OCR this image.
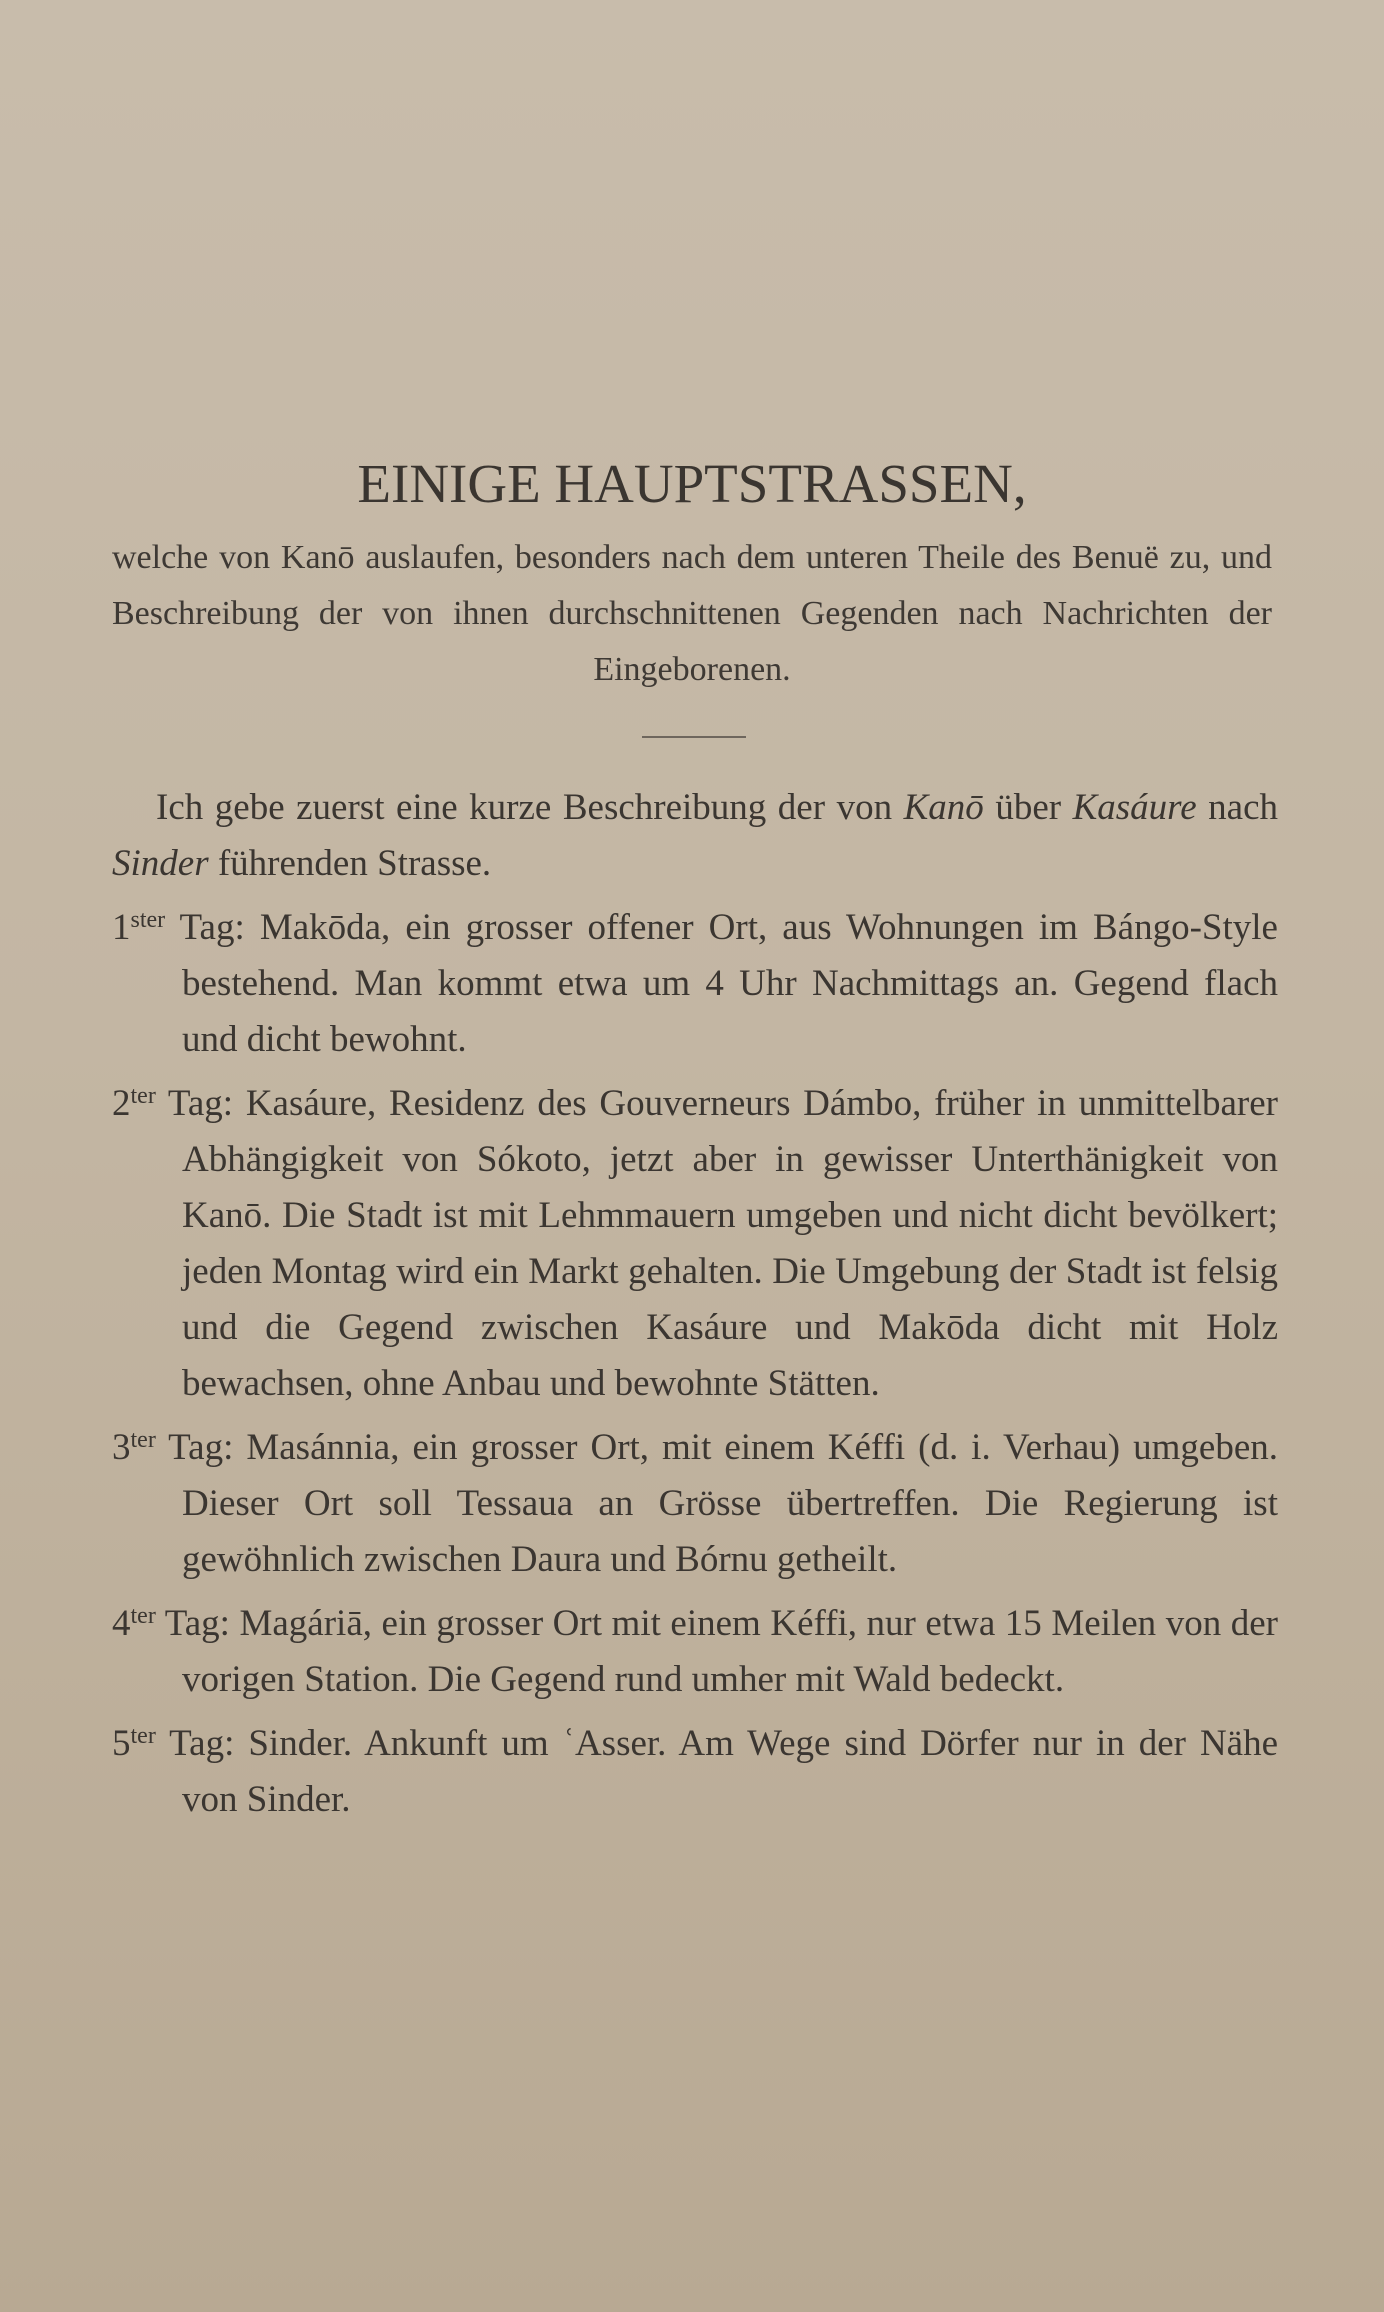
EINIGE HAUPTSTRASSEN,
welche von Kanō auslaufen, besonders nach dem unteren Theile des Benuë zu, und Beschreibung der von ihnen durchschnittenen Gegenden nach Nachrichten der Eingeborenen.
Ich gebe zuerst eine kurze Beschreibung der von Kanō über Kasáure nach Sinder führenden Strasse.

$1^{ster}$ Tag: Makōda, ein grosser offener Ort, aus Wohnungen im Bángo-Style bestehend. Man kommt etwa um 4 Uhr Nachmittags an. Gegend flach und dicht bewohnt.

$2^{ter}$ Tag: Kasáure, Residenz des Gouverneurs Dámbo, früher in unmittelbarer Abhängigkeit von Sókoto, jetzt aber in gewisser Unterthänigkeit von Kanō. Die Stadt ist mit Lehmmauern umgeben und nicht dicht bevölkert; jeden Montag wird ein Markt gehalten. Die Umgebung der Stadt ist felsig und die Gegend zwischen Kasáure und Makōda dicht mit Holz bewachsen, ohne Anbau und bewohnte Stätten.

$3^{ter}$ Tag: Masánnia, ein grosser Ort, mit einem Kéffi (d. i. Verhau) umgeben. Dieser Ort soll Tessaua an Grösse übertreffen. Die Regierung ist gewöhnlich zwischen Daura und Bórnu getheilt.

$4^{ter}$ Tag: Magáriā, ein grosser Ort mit einem Kéffi, nur etwa 15 Meilen von der vorigen Station. Die Gegend rund umher mit Wald bedeckt.

$5^{ter}$ Tag: Sinder. Ankunft um ʿAsser. Am Wege sind Dörfer nur in der Nähe von Sinder.
